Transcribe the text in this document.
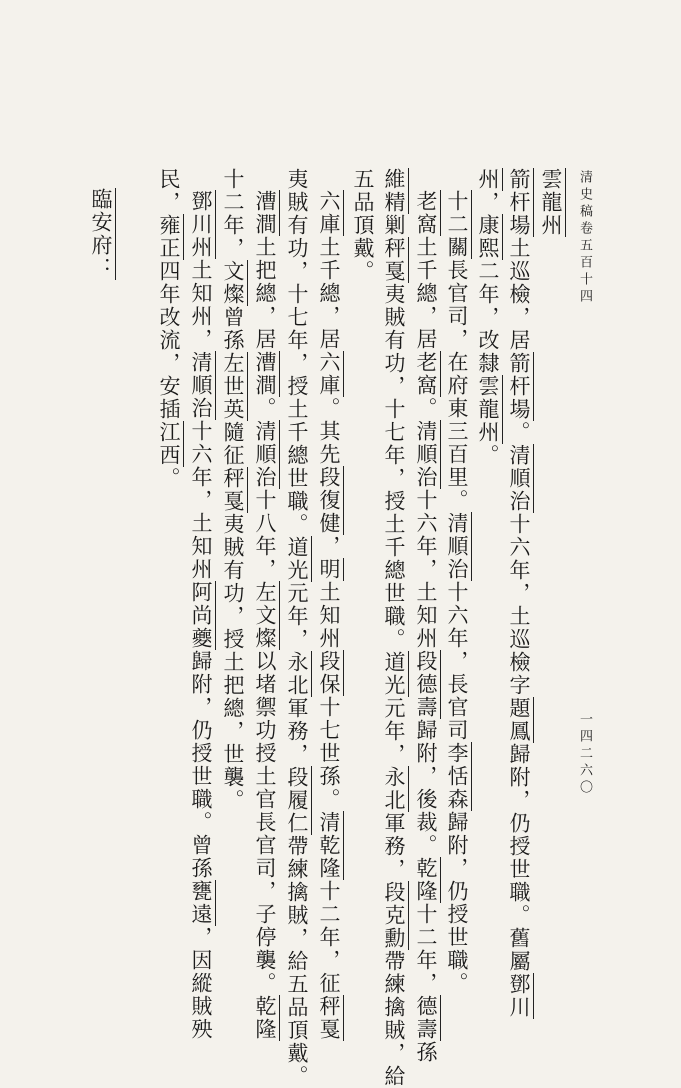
清史稿卷五百十四
一四二六〇
雲龍州
箭杆場土巡檢，居箭杆場。清順治十六年，土巡檢字題鳳歸附，仍授世職。舊屬鄧川
州，康熙二年，改隸雲龍州。
十二關長官司，在府東三百里。清順治十六年，長官司李恬森歸附，仍授世職。
老窩土千總，居老窩。清順治十六年，土知州段德壽歸附，後裁。乾隆十二年，德壽孫
維精剿秤戛夷賊有功，十七年，授土千總世職。道光元年，永北軍務，段克勳帶練擒賊，給
五品頂戴。
六庫土千總，居六庫。其先段復健，明土知州段保十七世孫。清乾隆十二年，征秤戛
夷賊有功，十七年，授土千總世職。道光元年，永北軍務，段履仁帶練擒賊，給五品頂戴。
漕澗土把總，居漕澗。清順治十八年，左文燦以堵禦功授土官長官司，子停襲。乾隆
十二年，文燦曾孫左世英隨征秤戛夷賊有功，授土把總，世襲。
鄧川州土知州，清順治十六年，土知州阿尚夔歸附，仍授世職。曾孫甕遠，因縱賊殃
民，雍正四年改流，安插江西。
臨安府：
